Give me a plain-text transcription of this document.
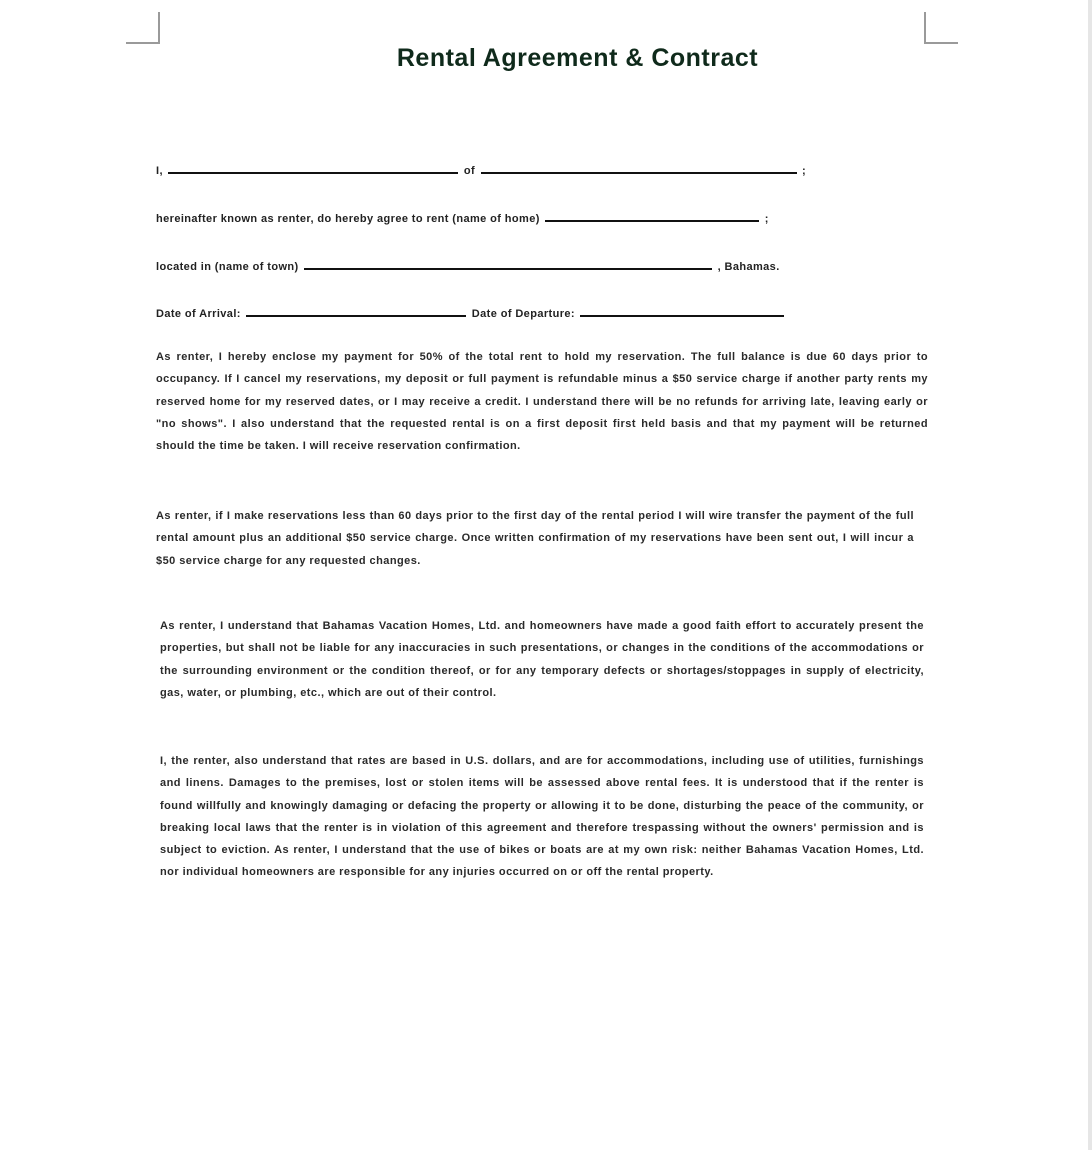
Rental Agreement & Contract
I,	of	;
hereinafter known as renter, do hereby agree to rent (name of home)	;
located in (name of town)	, Bahamas.
Date of Arrival:	Date of Departure:

As renter, I hereby enclose my payment for 50% of the total rent to hold my reservation. The full balance is due 60 days prior to occupancy. If I cancel my reservations, my deposit or full payment is refundable minus a $50 service charge if another party rents my reserved home for my reserved dates, or I may receive a credit. I understand there will be no refunds for arriving late, leaving early or "no shows". I also understand that the requested rental is on a first deposit first held basis and that my payment will be returned should the time be taken. I will receive reservation confirmation.

As renter, if I make reservations less than 60 days prior to the first day of the rental period I will wire transfer the payment of the full rental amount plus an additional $50 service charge. Once written confirmation of my reservations have been sent out, I will incur a $50 service charge for any requested changes.

As renter, I understand that Bahamas Vacation Homes, Ltd. and homeowners have made a good faith effort to accurately present the properties, but shall not be liable for any inaccuracies in such presentations, or changes in the conditions of the accommodations or the surrounding environment or the condition thereof, or for any temporary defects or shortages/stoppages in supply of electricity, gas, water, or plumbing, etc., which are out of their control.

I, the renter, also understand that rates are based in U.S. dollars, and are for accommodations, including use of utilities, furnishings and linens. Damages to the premises, lost or stolen items will be assessed above rental fees. It is understood that if the renter is found willfully and knowingly damaging or defacing the property or allowing it to be done, disturbing the peace of the community, or breaking local laws that the renter is in violation of this agreement and therefore trespassing without the owners' permission and is subject to eviction. As renter, I understand that the use of bikes or boats are at my own risk: neither Bahamas Vacation Homes, Ltd. nor individual homeowners are responsible for any injuries occurred on or off the rental property.
